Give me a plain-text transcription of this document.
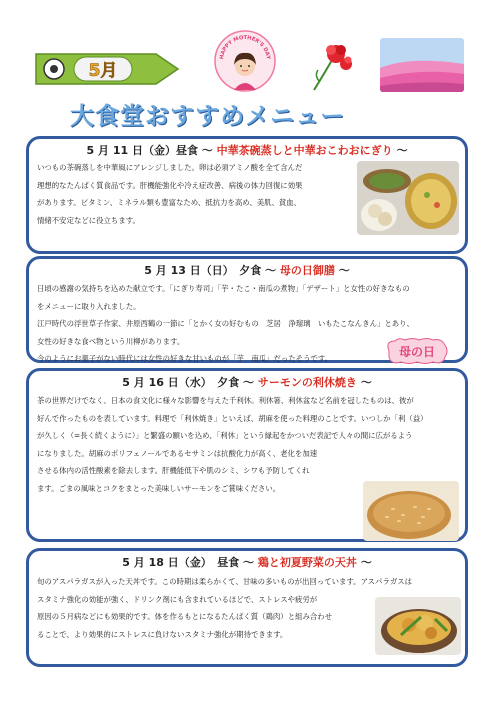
5月
HAPPY MOTHER'S DAY
大食堂おすすめメニュー
5 月 11 日（金）昼食 ～ 中華茶碗蒸しと中華おこわおにぎり ～
いつもの茶碗蒸しを中華風にアレンジしました。卵は必須アミノ酸を全て含んだ
理想的なたんぱく質食品です。肝機能強化や冷え症改善、病後の体力回復に効果
があります。ビタミン、ミネラル類も豊富なため、抵抗力を高め、美肌、貧血、
情緒不安定などに役立ちます。
5 月 13 日（日）　夕食 ～ 母の日御膳 ～
日頃の感謝の気持ちを込めた献立です。「にぎり寿司」「芋・たこ・南瓜の煮物」「デザート」と女性の好きなもの
をメニューに取り入れました。
江戸時代の浮世草子作家、井原西鶴の一節に「とかく女の好むもの　芝居　浄瑠璃　いもたこなんきん」とあり、
女性の好きな食べ物という川柳があります。
今のようにお菓子がない時代には女性の好きな甘いものが「芋　南瓜」だったそうです。	母の日
5 月 16 日（水）　夕食 ～ サーモンの利休焼き ～
茶の世界だけでなく、日本の食文化に様々な影響を与えた千利休。利休箸、利休盆など名前を冠したものは、彼が
好んで作ったものを表しています。料理で「利休焼き」といえば、胡麻を使った料理のことです。いつしか「利（益）
が久しく（=長く続くように）」と繁盛の願いを込め、「利休」という縁起をかついだ表記で人々の間に広がるよう
になりました。胡麻のポリフェノールであるセサミンは抗酸化力が高く、老化を加速
させる体内の活性酸素を除去します。肝機能低下や肌のシミ、シワも予防してくれ
ます。ごまの風味とコクをまとった美味しいサーモンをご賞味ください。
5 月 18 日（金）　昼食 ～ 鶏と初夏野菜の天丼 ～
旬のアスパラガスが入った天丼です。この時期は柔らかくて、甘味の多いものが出回っています。アスパラガスは
スタミナ強化の効能が強く、ドリンク剤にも含まれているほどで、ストレスや疲労が
原因の５月病などにも効果的です。体を作るもとになるたんぱく質（鶏肉）と組み合わせ
ることで、より効果的にストレスに負けないスタミナ強化が期待できます。
